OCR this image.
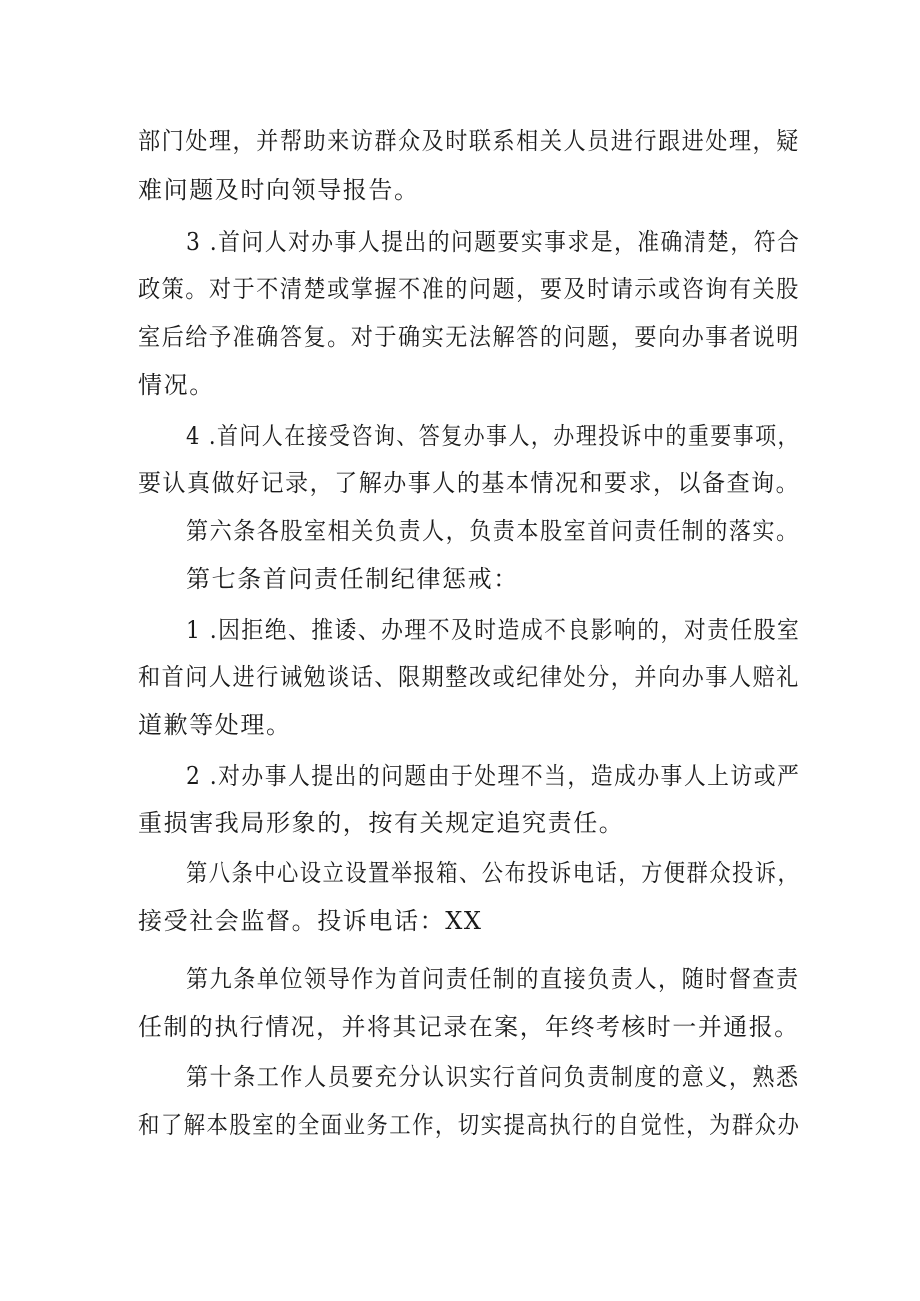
部门处理，并帮助来访群众及时联系相关人员进行跟进处理，疑
难问题及时向领导报告。
3 .首问人对办事人提出的问题要实事求是，准确清楚，符合
政策。对于不清楚或掌握不准的问题，要及时请示或咨询有关股
室后给予准确答复。对于确实无法解答的问题，要向办事者说明
情况。
4 .首问人在接受咨询、答复办事人，办理投诉中的重要事项，
要认真做好记录，了解办事人的基本情况和要求，以备查询。
第六条各股室相关负责人，负责本股室首问责任制的落实。
第七条首问责任制纪律惩戒：
1 .因拒绝、推诿、办理不及时造成不良影响的，对责任股室
和首问人进行诫勉谈话、限期整改或纪律处分，并向办事人赔礼
道歉等处理。
2 .对办事人提出的问题由于处理不当，造成办事人上访或严
重损害我局形象的，按有关规定追究责任。
第八条中心设立设置举报箱、公布投诉电话，方便群众投诉，
接受社会监督。投诉电话：XX
第九条单位领导作为首问责任制的直接负责人，随时督查责
任制的执行情况，并将其记录在案，年终考核时一并通报。
第十条工作人员要充分认识实行首问负责制度的意义，熟悉
和了解本股室的全面业务工作，切实提高执行的自觉性，为群众办
